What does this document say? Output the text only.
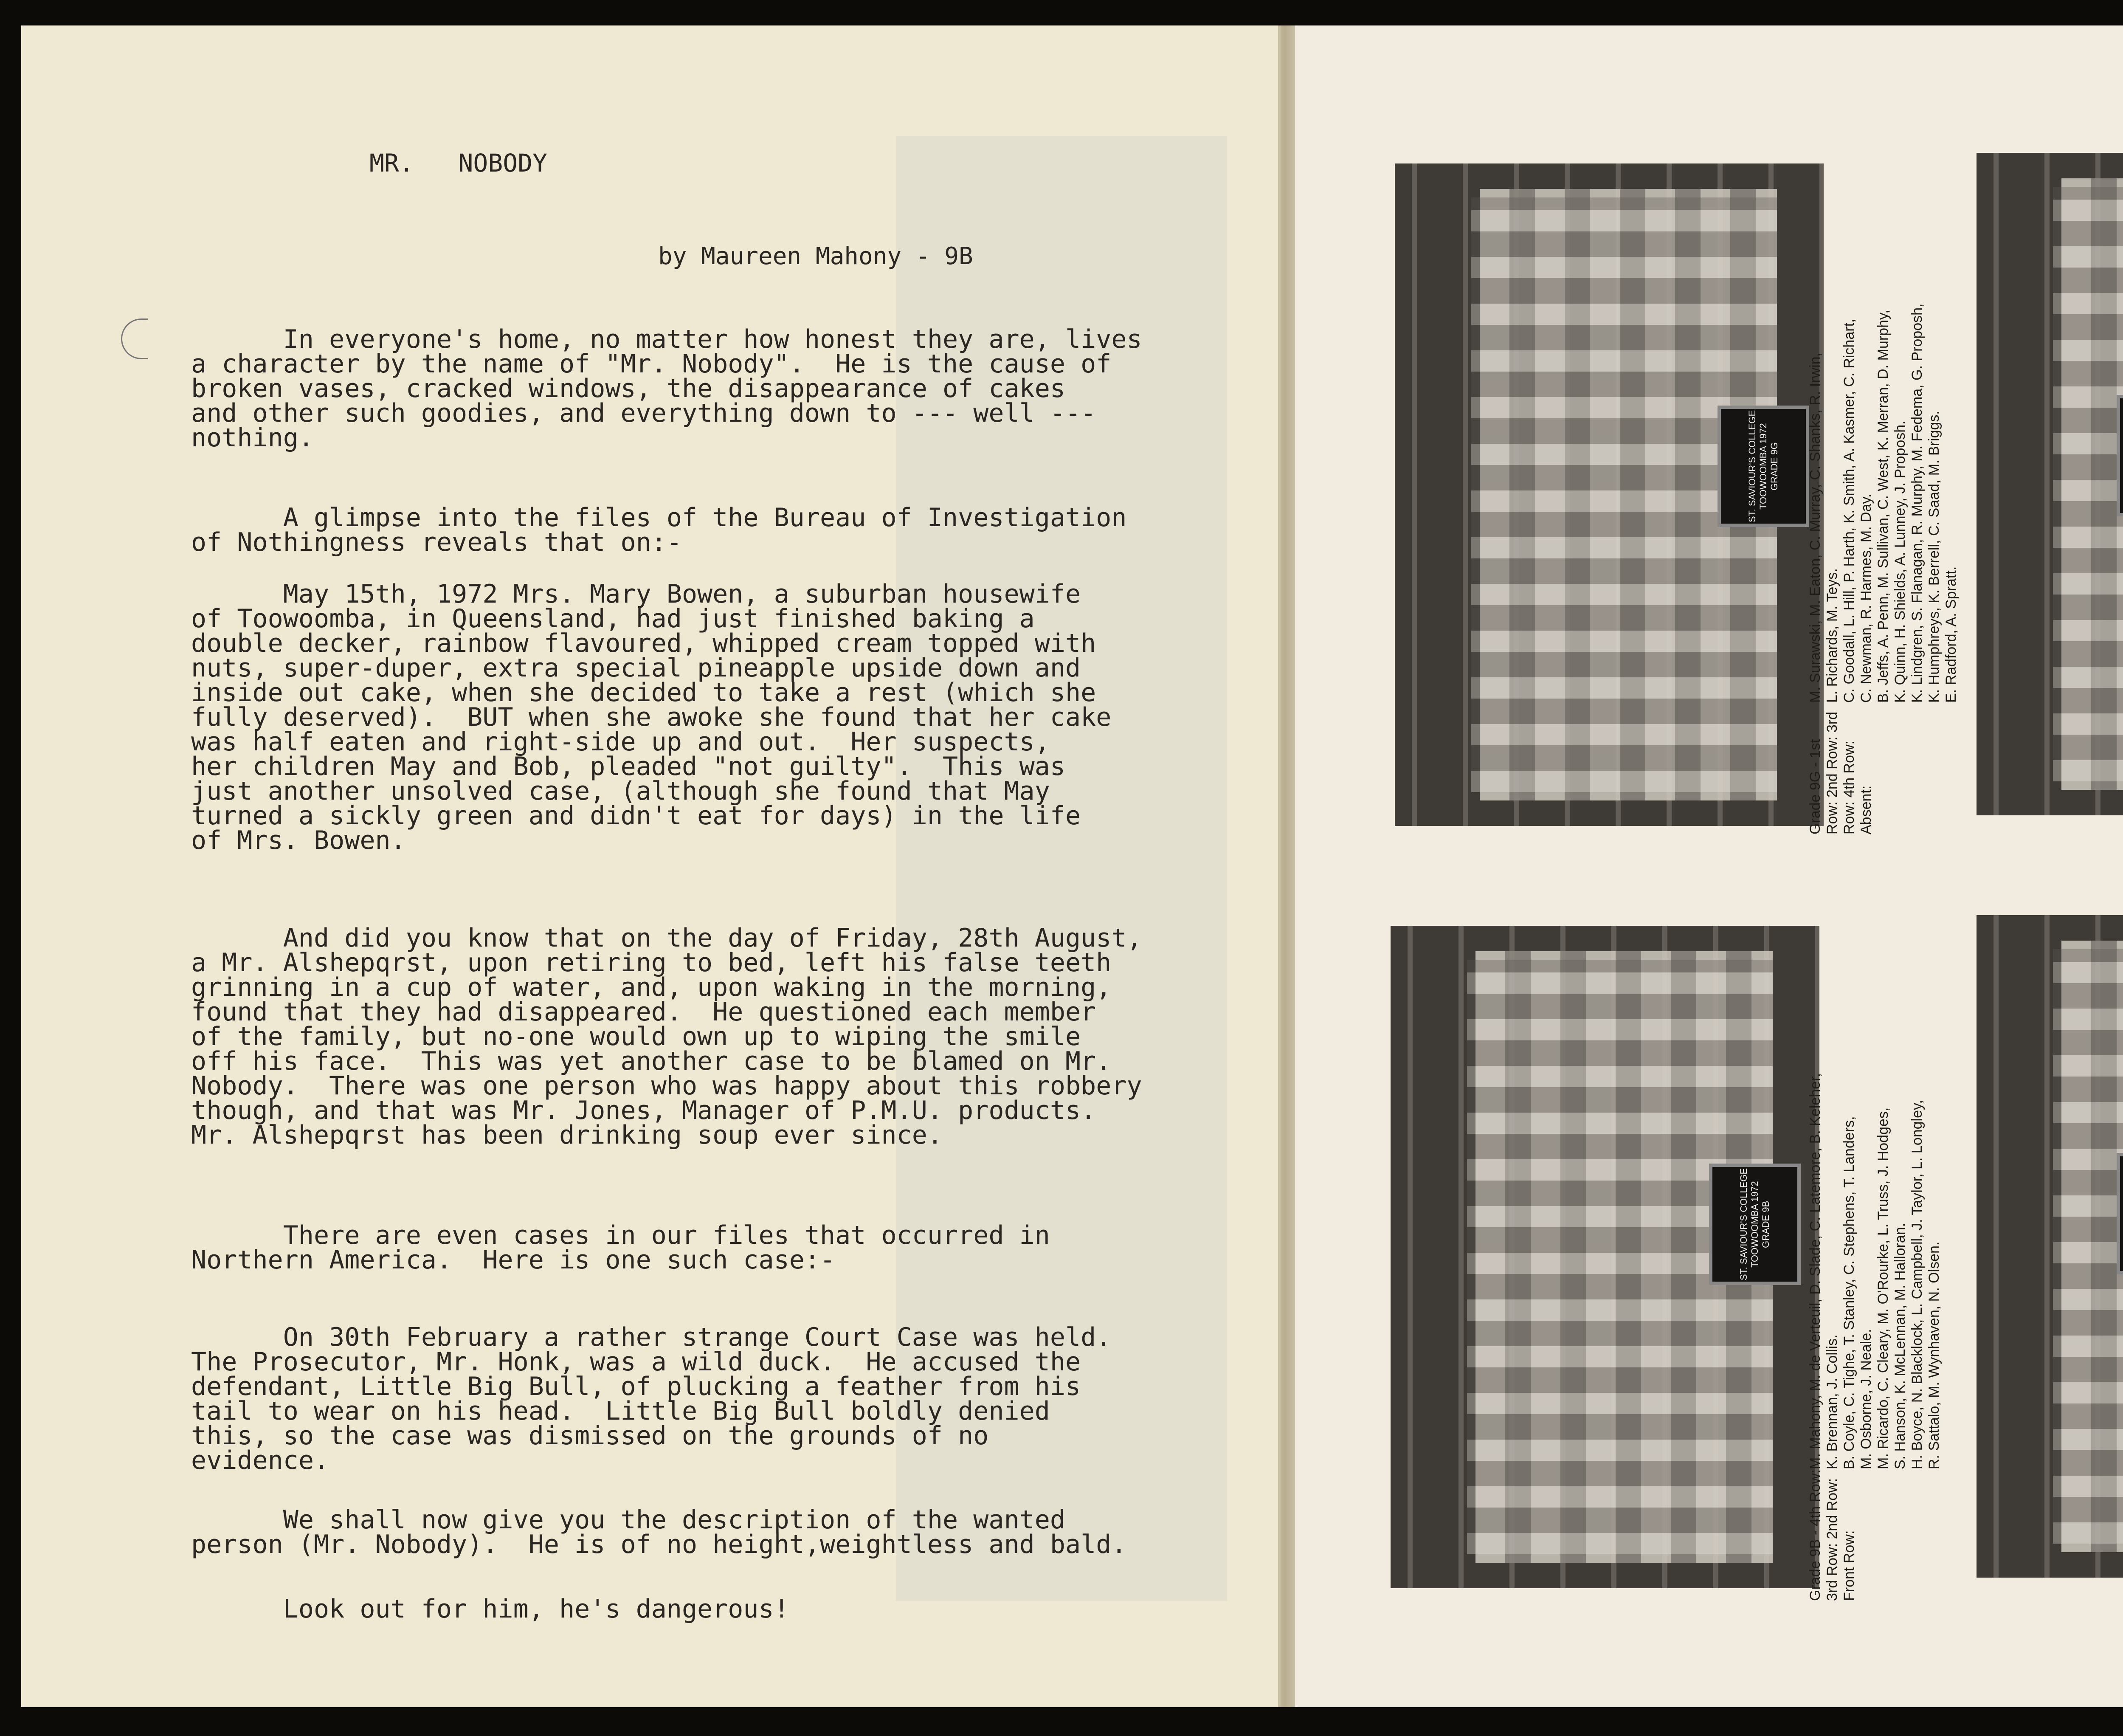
MR.   NOBODY

by Maureen Mahony - 9B

In everyone's home, no matter how honest they are, lives
a character by the name of "Mr. Nobody".  He is the cause of
broken vases, cracked windows, the disappearance of cakes
and other such goodies, and everything down to --- well ---
nothing.

A glimpse into the files of the Bureau of Investigation
of Nothingness reveals that on:-

May 15th, 1972 Mrs. Mary Bowen, a suburban housewife
of Toowoomba, in Queensland, had just finished baking a
double decker, rainbow flavoured, whipped cream topped with
nuts, super-duper, extra special pineapple upside down and
inside out cake, when she decided to take a rest (which she
fully deserved).  BUT when she awoke she found that her cake
was half eaten and right-side up and out.  Her suspects,
her children May and Bob, pleaded "not guilty".  This was
just another unsolved case, (although she found that May
turned a sickly green and didn't eat for days) in the life
of Mrs. Bowen.

And did you know that on the day of Friday, 28th August,
a Mr. Alshepqrst, upon retiring to bed, left his false teeth
grinning in a cup of water, and, upon waking in the morning,
found that they had disappeared.  He questioned each member
of the family, but no-one would own up to wiping the smile
off his face.  This was yet another case to be blamed on Mr.
Nobody.  There was one person who was happy about this robbery
though, and that was Mr. Jones, Manager of P.M.U. products.
Mr. Alshepqrst has been drinking soup ever since.

There are even cases in our files that occurred in
Northern America.  Here is one such case:-

On 30th February a rather strange Court Case was held.
The Prosecutor, Mr. Honk, was a wild duck.  He accused the
defendant, Little Big Bull, of plucking a feather from his
tail to wear on his head.  Little Big Bull boldly denied
this, so the case was dismissed on the grounds of no
evidence.

We shall now give you the description of the wanted
person (Mr. Nobody).  He is of no height,weightless and bald.

Look out for him, he's dangerous!

ST. SAVIOUR'S COLLEGE TOOWOOMBA 1972 GRADE 9G
Grade 9G - 1st Row: 2nd Row: 3rd Row: 4th Row: Absent:
M. Surawski, M. Eaton, C. Murray, C. Shanks, R. Irwin,
L. Richards, M. Teys.
C. Goodall, L. Hill, P. Harth, K. Smith, A. Kasmer, C. Richart,
C. Newman, R. Harmes, M. Day.
B. Jeffs, A. Penn, M. Sullivan, C. West, K. Merran, D. Murphy,
K. Quinn, H. Shields, A. Lunney, J. Proposh.
K. Lindgren, S. Flanagan, R. Murphy, M. Fedema, G. Proposh,
K. Humphreys, K. Berrell, C. Saad, M. Briggs.
E. Radford, A. Spratt.
ST. SAVIOUR'S COLLEGE TOOWOOMBA 1972 GRADE 9B
Grade 9B - 4th Row: 3rd Row: 2nd Row: Front Row:
M. Mahony, M. de Verteuil, D. Slade, C. Latemore, B. Keleher,
K. Brennan, J. Collis.
B. Coyle, C. Tighe, T. Stanley, C. Stephens, T. Landers,
M. Osborne, J. Neale.
M. Ricardo, C. Cleary, M. O'Rourke, L. Truss, J. Hodges,
S. Hanson, K. McLennan, M. Halloran.
H. Boyce, N. Blacklock, L. Campbell, J. Taylor, L. Longley,
R. Sattalo, M. Wynhaven, N. Olsen.
